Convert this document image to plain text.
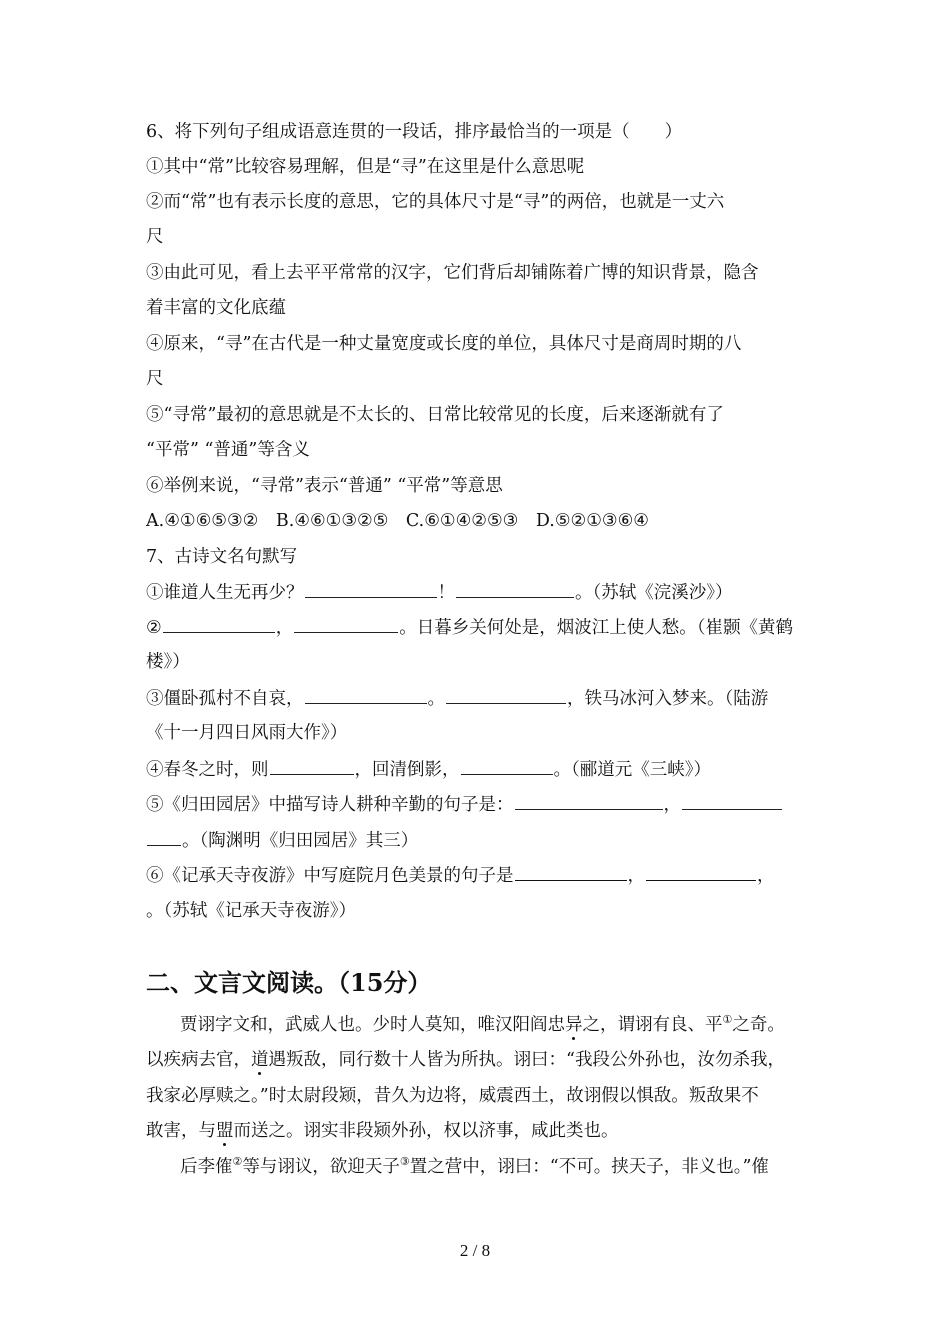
6、将下列句子组成语意连贯的一段话，排序最恰当的一项是（　　）
①其中“常”比较容易理解，但是“寻”在这里是什么意思呢
②而“常”也有表示长度的意思，它的具体尺寸是“寻”的两倍，也就是一丈六
尺
③由此可见，看上去平平常常的汉字，它们背后却铺陈着广博的知识背景，隐含
着丰富的文化底蕴
④原来，“寻”在古代是一种丈量宽度或长度的单位，具体尺寸是商周时期的八
尺
⑤“寻常”最初的意思就是不太长的、日常比较常见的长度，后来逐渐就有了
“平常” “普通”等含义
⑥举例来说，“寻常”表示“普通” “平常”等意思
A.④①⑥⑤③②　B.④⑥①③②⑤　C.⑥①④②⑤③　D.⑤②①③⑥④
7、古诗文名句默写
①谁道人生无再少？	！	。（苏轼《浣溪沙》）
②	，	。日暮乡关何处是，烟波江上使人愁。（崔颢《黄鹤
楼》）
③僵卧孤村不自哀，	。	，铁马冰河入梦来。（陆游
《十一月四日风雨大作》）
④春冬之时，则	，回清倒影，	。（郦道元《三峡》）
⑤《归田园居》中描写诗人耕种辛勤的句子是：	，
。（陶渊明《归田园居》其三）
⑥《记承天寺夜游》中写庭院月色美景的句子是	，	，
。（苏轼《记承天寺夜游》）
二、文言文阅读。（15分）
贾诩字文和，武威人也。少时人莫知，唯汉阳阎忠异之，谓诩有良、平①之奇。
以疾病去官，道遇叛敌，同行数十人皆为所执。诩曰：“我段公外孙也，汝勿杀我，
我家必厚赎之。”时太尉段颎，昔久为边将，威震西土，故诩假以惧敌。叛敌果不
敢害，与盟而送之。诩实非段颎外孙，权以济事，咸此类也。
后李傕②等与诩议，欲迎天子③置之营中，诩曰：“不可。挟天子，非义也。”傕
2 / 8
